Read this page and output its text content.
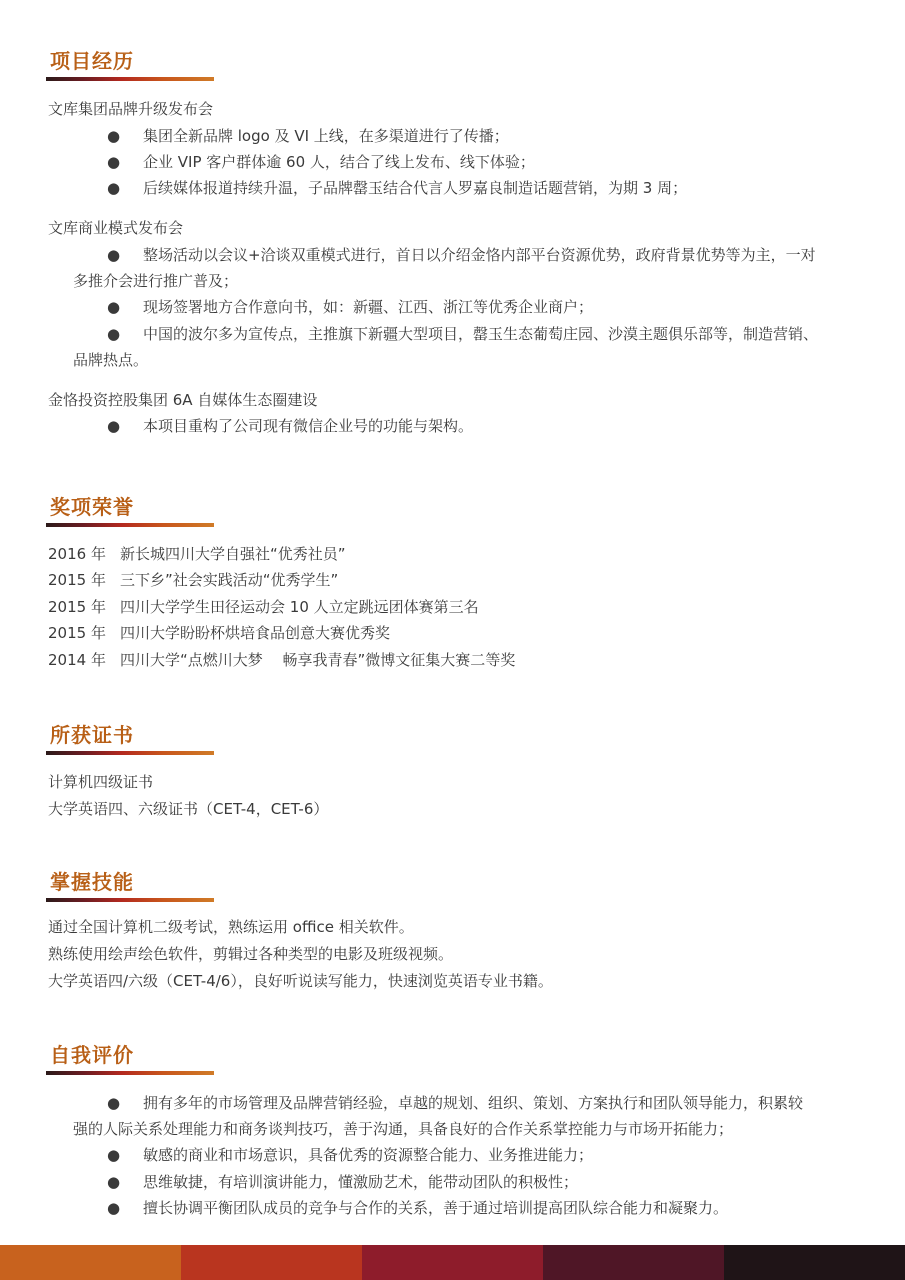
项目经历
文库集团品牌升级发布会
● 集团全新品牌 logo 及 VI 上线，在多渠道进行了传播；
● 企业 VIP 客户群体逾 60 人，结合了线上发布、线下体验；
● 后续媒体报道持续升温，子品牌罄玉结合代言人罗嘉良制造话题营销，为期 3 周；
文库商业模式发布会
● 整场活动以会议+洽谈双重模式进行，首日以介绍金恪内部平台资源优势，政府背景优势等为主，一对
多推介会进行推广普及；
● 现场签署地方合作意向书，如：新疆、江西、浙江等优秀企业商户；
● 中国的波尔多为宣传点，主推旗下新疆大型项目，罄玉生态葡萄庄园、沙漠主题俱乐部等，制造营销、
品牌热点。
金恪投资控股集团 6A 自媒体生态圈建设
● 本项目重构了公司现有微信企业号的功能与架构。
奖项荣誉
2016 年 新长城四川大学自强社“优秀社员”
2015 年 三下乡”社会实践活动“优秀学生”
2015 年 四川大学学生田径运动会 10 人立定跳远团体赛第三名
2015 年 四川大学盼盼杯烘培食品创意大赛优秀奖
2014 年 四川大学“点燃川大梦　 畅享我青春”微博文征集大赛二等奖
所获证书
计算机四级证书
大学英语四、六级证书（CET-4，CET-6）
掌握技能
通过全国计算机二级考试，熟练运用 office 相关软件。
熟练使用绘声绘色软件，剪辑过各种类型的电影及班级视频。
大学英语四/六级（CET-4/6），良好听说读写能力，快速浏览英语专业书籍。
自我评价
● 拥有多年的市场管理及品牌营销经验，卓越的规划、组织、策划、方案执行和团队领导能力，积累较
强的人际关系处理能力和商务谈判技巧，善于沟通，具备良好的合作关系掌控能力与市场开拓能力；
● 敏感的商业和市场意识，具备优秀的资源整合能力、业务推进能力；
● 思维敏捷，有培训演讲能力，懂激励艺术，能带动团队的积极性；
● 擅长协调平衡团队成员的竞争与合作的关系，善于通过培训提高团队综合能力和凝聚力。
